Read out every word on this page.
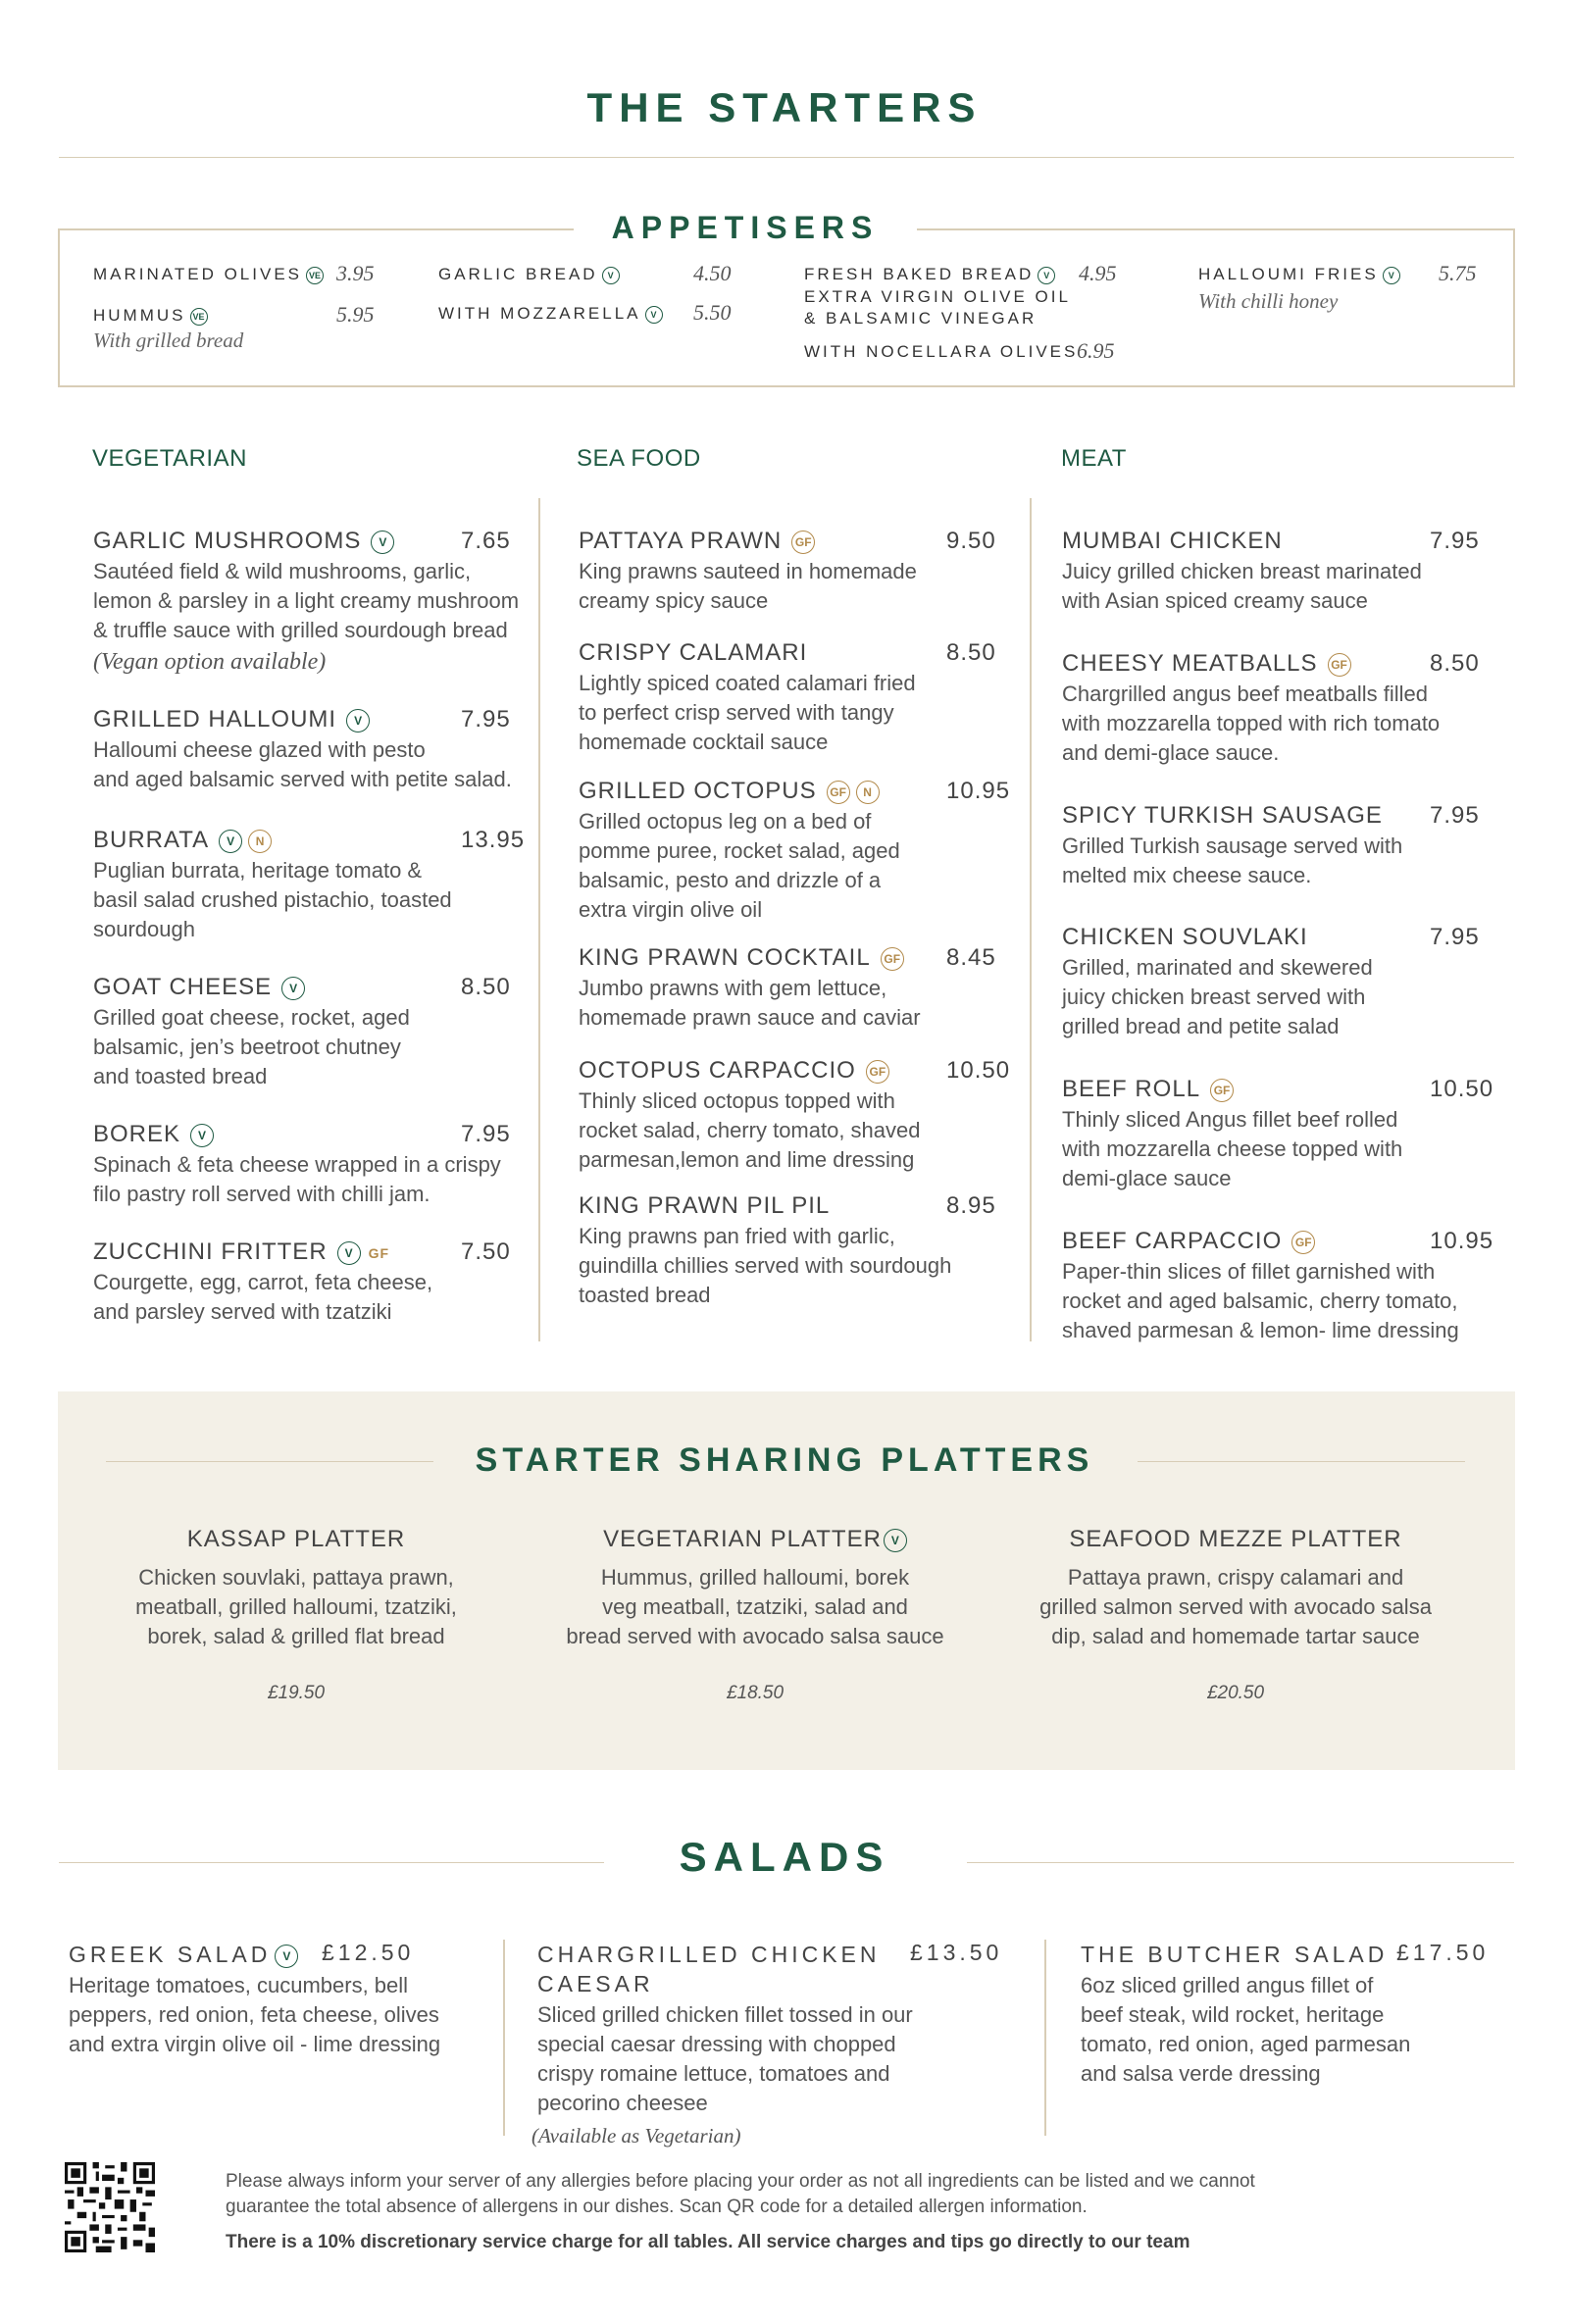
THE STARTERS
APPETISERS
MARINATED OLIVES VE 3.95
HUMMUS VE	5.95
With grilled bread
GARLIC BREAD V	4.50
WITH MOZZARELLA V 5.50
FRESH BAKED BREAD V 4.95
EXTRA VIRGIN OLIVE OIL
& BALSAMIC VINEGAR
WITH NOCELLARA OLIVES
6.95
HALLOUMI FRIES V 5.75
With chilli honey
VEGETARIAN	SEA FOOD	MEAT
GARLIC MUSHROOMS V	7.65
Sautéed field & wild mushrooms, garlic,
lemon & parsley in a light creamy mushroom
& truffle sauce with grilled sourdough bread
(Vegan option available)
GRILLED HALLOUMI V	7.95
Halloumi cheese glazed with pesto
and aged balsamic served with petite salad.
BURRATA V N	13.95
Puglian burrata, heritage tomato &
basil salad crushed pistachio, toasted
sourdough
GOAT CHEESE V	8.50
Grilled goat cheese, rocket, aged
balsamic, jen’s beetroot chutney
and toasted bread
BOREK V	7.95
Spinach & feta cheese wrapped in a crispy
filo pastry roll served with chilli jam.
ZUCCHINI FRITTER V GF	7.50
Courgette, egg, carrot, feta cheese,
and parsley served with tzatziki
PATTAYA PRAWN GF	9.50
King prawns sauteed in homemade
creamy spicy sauce
CRISPY CALAMARI	8.50
Lightly spiced coated calamari fried
to perfect crisp served with tangy
homemade cocktail sauce
GRILLED OCTOPUS GF N	10.95
Grilled octopus leg on a bed of
pomme puree, rocket salad, aged
balsamic, pesto and drizzle of a
extra virgin olive oil
KING PRAWN COCKTAIL GF	8.45
Jumbo prawns with gem lettuce,
homemade prawn sauce and caviar
OCTOPUS CARPACCIO GF	10.50
Thinly sliced octopus topped with
rocket salad, cherry tomato, shaved
parmesan,lemon and lime dressing
KING PRAWN PIL PIL	8.95
King prawns pan fried with garlic,
guindilla chillies served with sourdough
toasted bread
MUMBAI CHICKEN	7.95
Juicy grilled chicken breast marinated
with Asian spiced creamy sauce
CHEESY MEATBALLS GF	8.50
Chargrilled angus beef meatballs filled
with mozzarella topped with rich tomato
and demi-glace sauce.
SPICY TURKISH SAUSAGE	7.95
Grilled Turkish sausage served with
melted mix cheese sauce.
CHICKEN SOUVLAKI	7.95
Grilled, marinated and skewered
juicy chicken breast served with
grilled bread and petite salad
BEEF ROLL GF	10.50
Thinly sliced Angus fillet beef rolled
with mozzarella cheese topped with
demi-glace sauce
BEEF CARPACCIO GF	10.95
Paper-thin slices of fillet garnished with
rocket and aged balsamic, cherry tomato,
shaved parmesan & lemon- lime dressing
STARTER SHARING PLATTERS
KASSAP PLATTER
Chicken souvlaki, pattaya prawn,
meatball, grilled halloumi, tzatziki,
borek, salad & grilled flat bread
£19.50
VEGETARIAN PLATTER V
Hummus, grilled halloumi, borek
veg meatball, tzatziki, salad and
bread served with avocado salsa sauce
£18.50
SEAFOOD MEZZE PLATTER
Pattaya prawn, crispy calamari and
grilled salmon served with avocado salsa
dip, salad and homemade tartar sauce
£20.50
SALADS
GREEK SALAD V	£12.50
Heritage tomatoes, cucumbers, bell
peppers, red onion, feta cheese, olives
and extra virgin olive oil - lime dressing
CHARGRILLED CHICKEN
CAESAR
£13.50
Sliced grilled chicken fillet tossed in our
special caesar dressing with chopped
crispy romaine lettuce, tomatoes and
pecorino cheesee
(Available as Vegetarian)
THE BUTCHER SALAD £17.50
6oz sliced grilled angus fillet of
beef steak, wild rocket, heritage
tomato, red onion, aged parmesan
and salsa verde dressing
Please always inform your server of any allergies before placing your order as not all ingredients can be listed and we cannot
guarantee the total absence of allergens in our dishes. Scan QR code for a detailed allergen information.
There is a 10% discretionary service charge for all tables. All service charges and tips go directly to our team
